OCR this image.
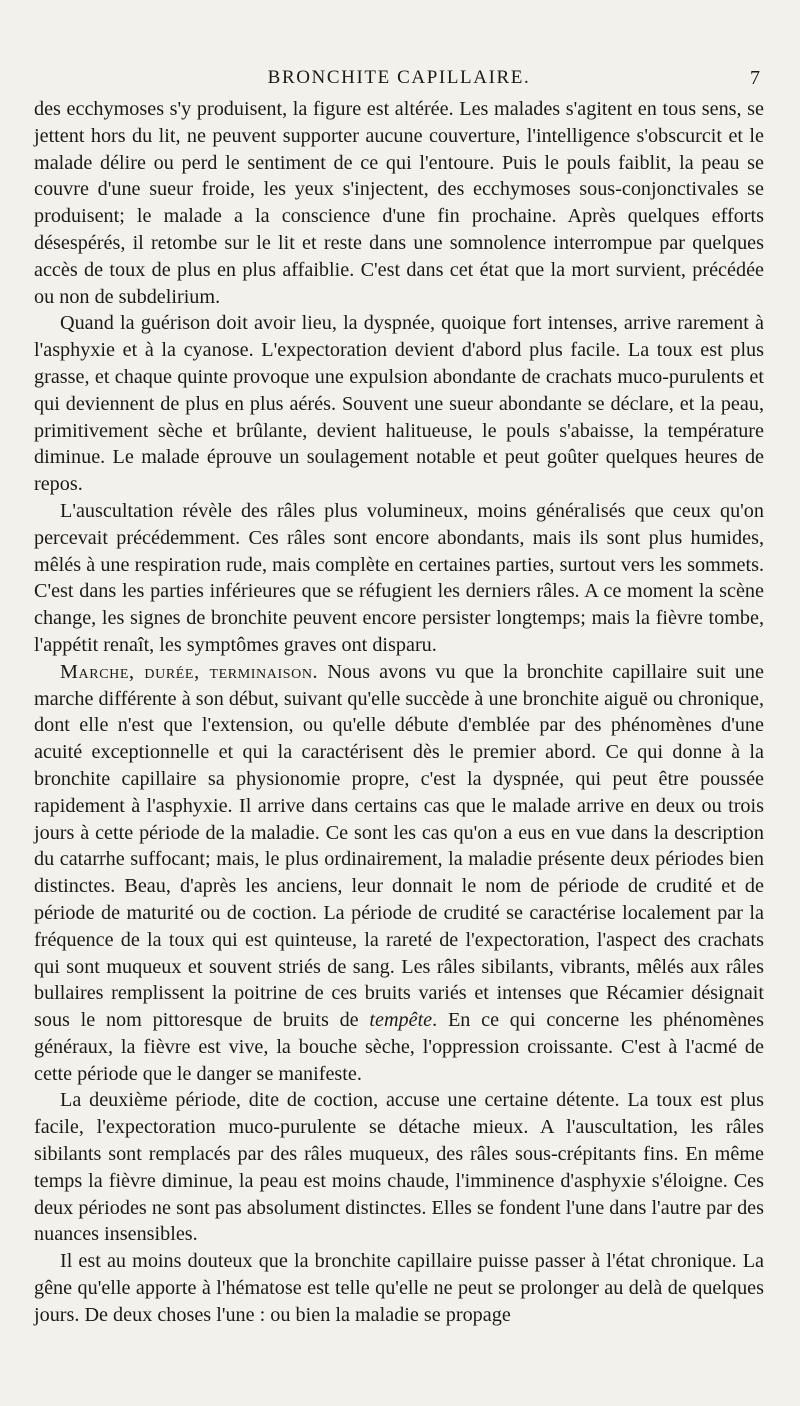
BRONCHITE CAPILLAIRE.	7

des ecchymoses s'y produisent, la figure est altérée. Les malades s'agitent en tous sens, se jettent hors du lit, ne peuvent supporter aucune couverture, l'intelligence s'obscurcit et le malade délire ou perd le sentiment de ce qui l'entoure. Puis le pouls faiblit, la peau se couvre d'une sueur froide, les yeux s'injectent, des ecchymoses sous-conjonctivales se produisent; le malade a la conscience d'une fin prochaine. Après quelques efforts désespérés, il retombe sur le lit et reste dans une somnolence interrompue par quelques accès de toux de plus en plus affaiblie. C'est dans cet état que la mort survient, précédée ou non de subdelirium.

Quand la guérison doit avoir lieu, la dyspnée, quoique fort intenses, arrive rarement à l'asphyxie et à la cyanose. L'expectoration devient d'abord plus facile. La toux est plus grasse, et chaque quinte provoque une expulsion abondante de crachats muco-purulents et qui deviennent de plus en plus aérés. Souvent une sueur abondante se déclare, et la peau, primitivement sèche et brûlante, devient halitueuse, le pouls s'abaisse, la température diminue. Le malade éprouve un soulagement notable et peut goûter quelques heures de repos.

L'auscultation révèle des râles plus volumineux, moins généralisés que ceux qu'on percevait précédemment. Ces râles sont encore abondants, mais ils sont plus humides, mêlés à une respiration rude, mais complète en certaines parties, surtout vers les sommets. C'est dans les parties inférieures que se réfugient les derniers râles. A ce moment la scène change, les signes de bronchite peuvent encore persister longtemps; mais la fièvre tombe, l'appétit renaît, les symptômes graves ont disparu.

Marche, durée, terminaison. Nous avons vu que la bronchite capillaire suit une marche différente à son début, suivant qu'elle succède à une bronchite aiguë ou chronique, dont elle n'est que l'extension, ou qu'elle débute d'emblée par des phénomènes d'une acuité exceptionnelle et qui la caractérisent dès le premier abord. Ce qui donne à la bronchite capillaire sa physionomie propre, c'est la dyspnée, qui peut être poussée rapidement à l'asphyxie. Il arrive dans certains cas que le malade arrive en deux ou trois jours à cette période de la maladie. Ce sont les cas qu'on a eus en vue dans la description du catarrhe suffocant; mais, le plus ordinairement, la maladie présente deux périodes bien distinctes. Beau, d'après les anciens, leur donnait le nom de période de crudité et de période de maturité ou de coction. La période de crudité se caractérise localement par la fréquence de la toux qui est quinteuse, la rareté de l'expectoration, l'aspect des crachats qui sont muqueux et souvent striés de sang. Les râles sibilants, vibrants, mêlés aux râles bullaires remplissent la poitrine de ces bruits variés et intenses que Récamier désignait sous le nom pittoresque de bruits de tempête. En ce qui concerne les phénomènes généraux, la fièvre est vive, la bouche sèche, l'oppression croissante. C'est à l'acmé de cette période que le danger se manifeste.

La deuxième période, dite de coction, accuse une certaine détente. La toux est plus facile, l'expectoration muco-purulente se détache mieux. A l'auscultation, les râles sibilants sont remplacés par des râles muqueux, des râles sous-crépitants fins. En même temps la fièvre diminue, la peau est moins chaude, l'imminence d'asphyxie s'éloigne. Ces deux périodes ne sont pas absolument distinctes. Elles se fondent l'une dans l'autre par des nuances insensibles.

Il est au moins douteux que la bronchite capillaire puisse passer à l'état chronique. La gêne qu'elle apporte à l'hématose est telle qu'elle ne peut se prolonger au delà de quelques jours. De deux choses l'une : ou bien la maladie se propage
